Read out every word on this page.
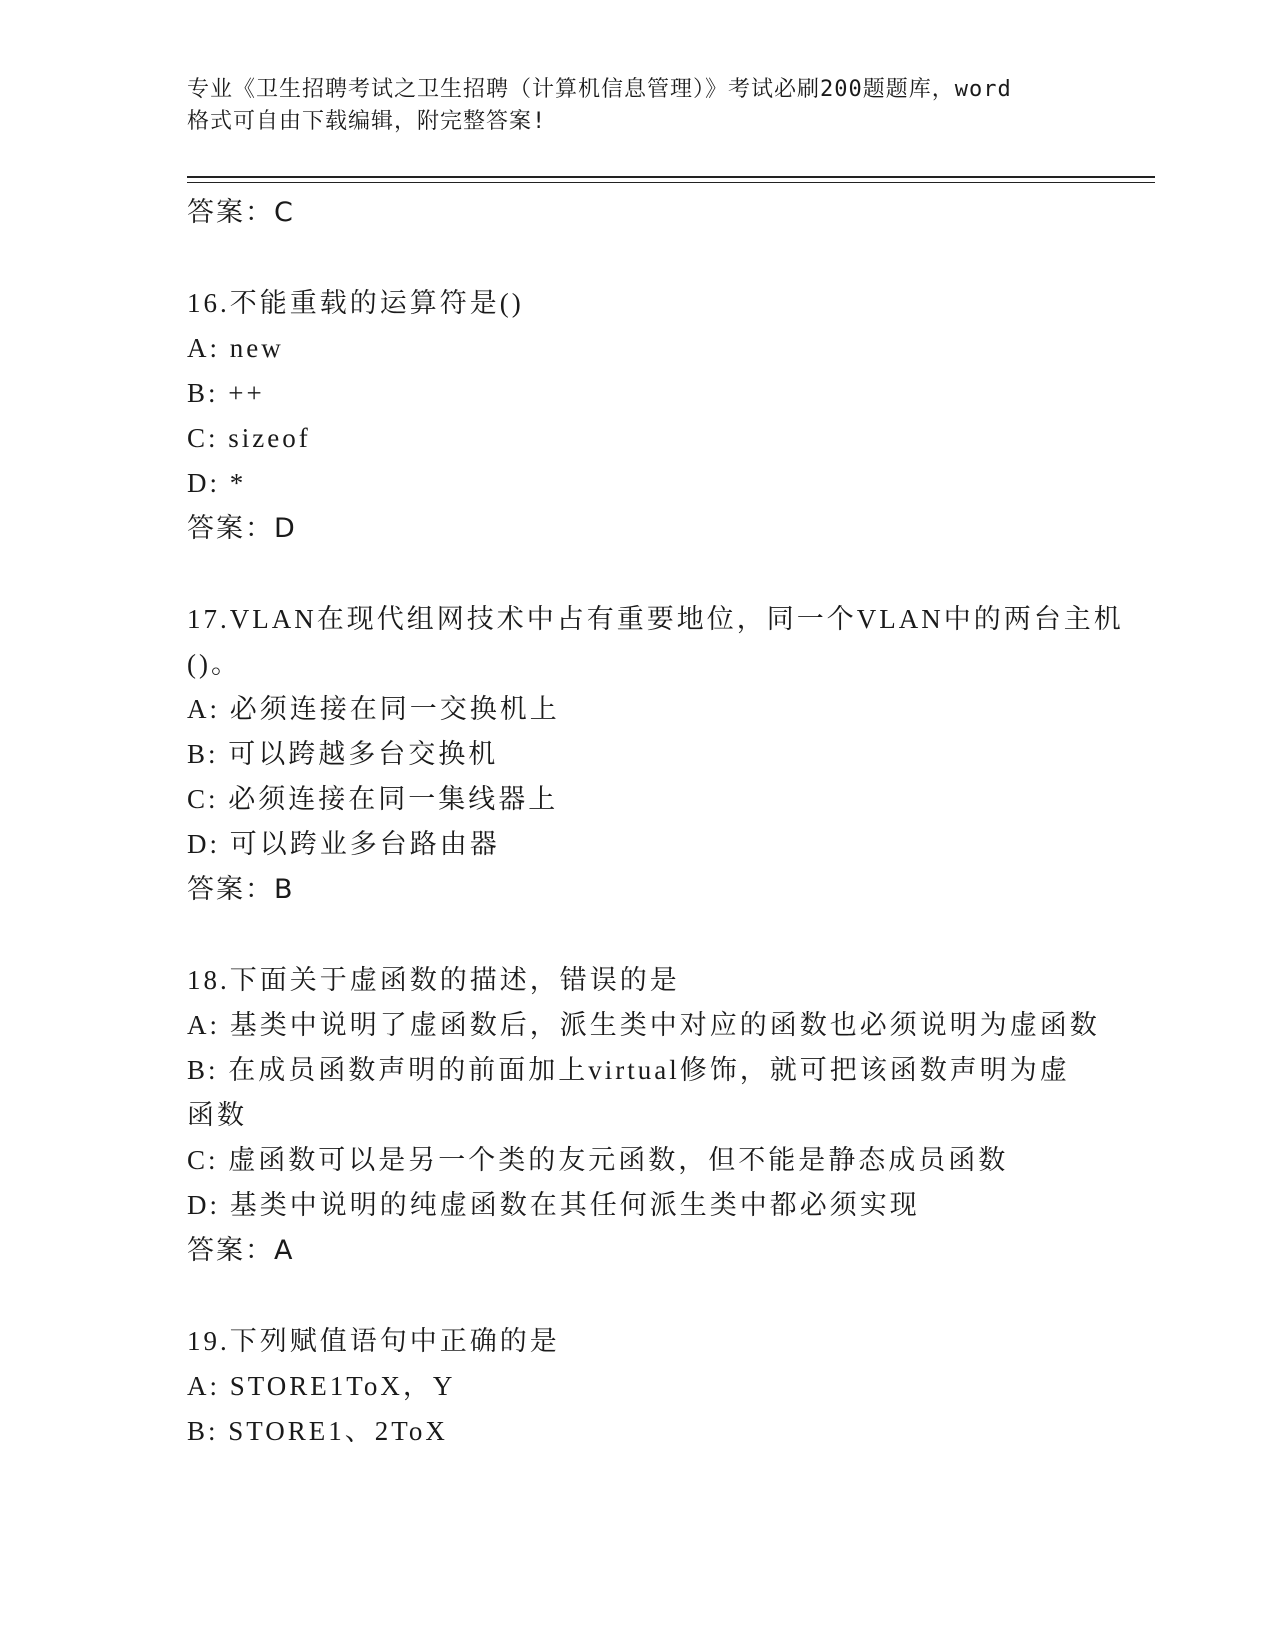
专业《卫生招聘考试之卫生招聘（计算机信息管理）》考试必刷200题题库，word
格式可自由下载编辑，附完整答案!

答案：C

16.不能重载的运算符是()

A: new

B: ++

C: sizeof

D: *

答案：D

17.VLAN在现代组网技术中占有重要地位，同一个VLAN中的两台主机

()。

A: 必须连接在同一交换机上

B: 可以跨越多台交换机

C: 必须连接在同一集线器上

D: 可以跨业多台路由器

答案：B

18.下面关于虚函数的描述，错误的是

A: 基类中说明了虚函数后，派生类中对应的函数也必须说明为虚函数

B: 在成员函数声明的前面加上virtual修饰，就可把该函数声明为虚

函数

C: 虚函数可以是另一个类的友元函数，但不能是静态成员函数

D: 基类中说明的纯虚函数在其任何派生类中都必须实现

答案：A

19.下列赋值语句中正确的是

A: STORE1ToX，Y

B: STORE1、2ToX
